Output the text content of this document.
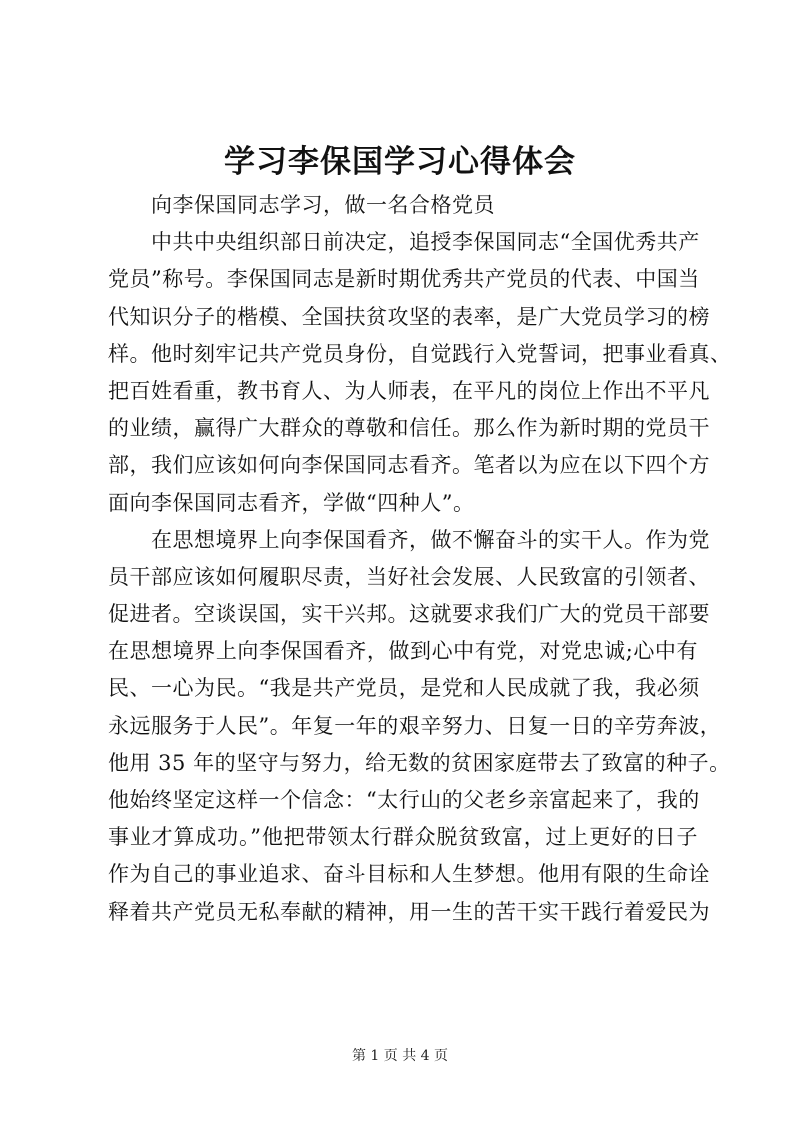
学习李保国学习心得体会
向李保国同志学习，做一名合格党员
中共中央组织部日前决定，追授李保国同志“全国优秀共产
党员”称号。李保国同志是新时期优秀共产党员的代表、中国当
代知识分子的楷模、全国扶贫攻坚的表率，是广大党员学习的榜
样。他时刻牢记共产党员身份，自觉践行入党誓词，把事业看真、
把百姓看重，教书育人、为人师表，在平凡的岗位上作出不平凡
的业绩，赢得广大群众的尊敬和信任。那么作为新时期的党员干
部，我们应该如何向李保国同志看齐。笔者以为应在以下四个方
面向李保国同志看齐，学做“四种人”。
在思想境界上向李保国看齐，做不懈奋斗的实干人。作为党
员干部应该如何履职尽责，当好社会发展、人民致富的引领者、
促进者。空谈误国，实干兴邦。这就要求我们广大的党员干部要
在思想境界上向李保国看齐，做到心中有党，对党忠诚;心中有
民、一心为民。“我是共产党员，是党和人民成就了我，我必须
永远服务于人民”。年复一年的艰辛努力、日复一日的辛劳奔波，
他用 35 年的坚守与努力，给无数的贫困家庭带去了致富的种子。
他始终坚定这样一个信念：“太行山的父老乡亲富起来了，我的
事业才算成功。”他把带领太行群众脱贫致富，过上更好的日子
作为自己的事业追求、奋斗目标和人生梦想。他用有限的生命诠
释着共产党员无私奉献的精神，用一生的苦干实干践行着爱民为
第 1 页 共 4 页
